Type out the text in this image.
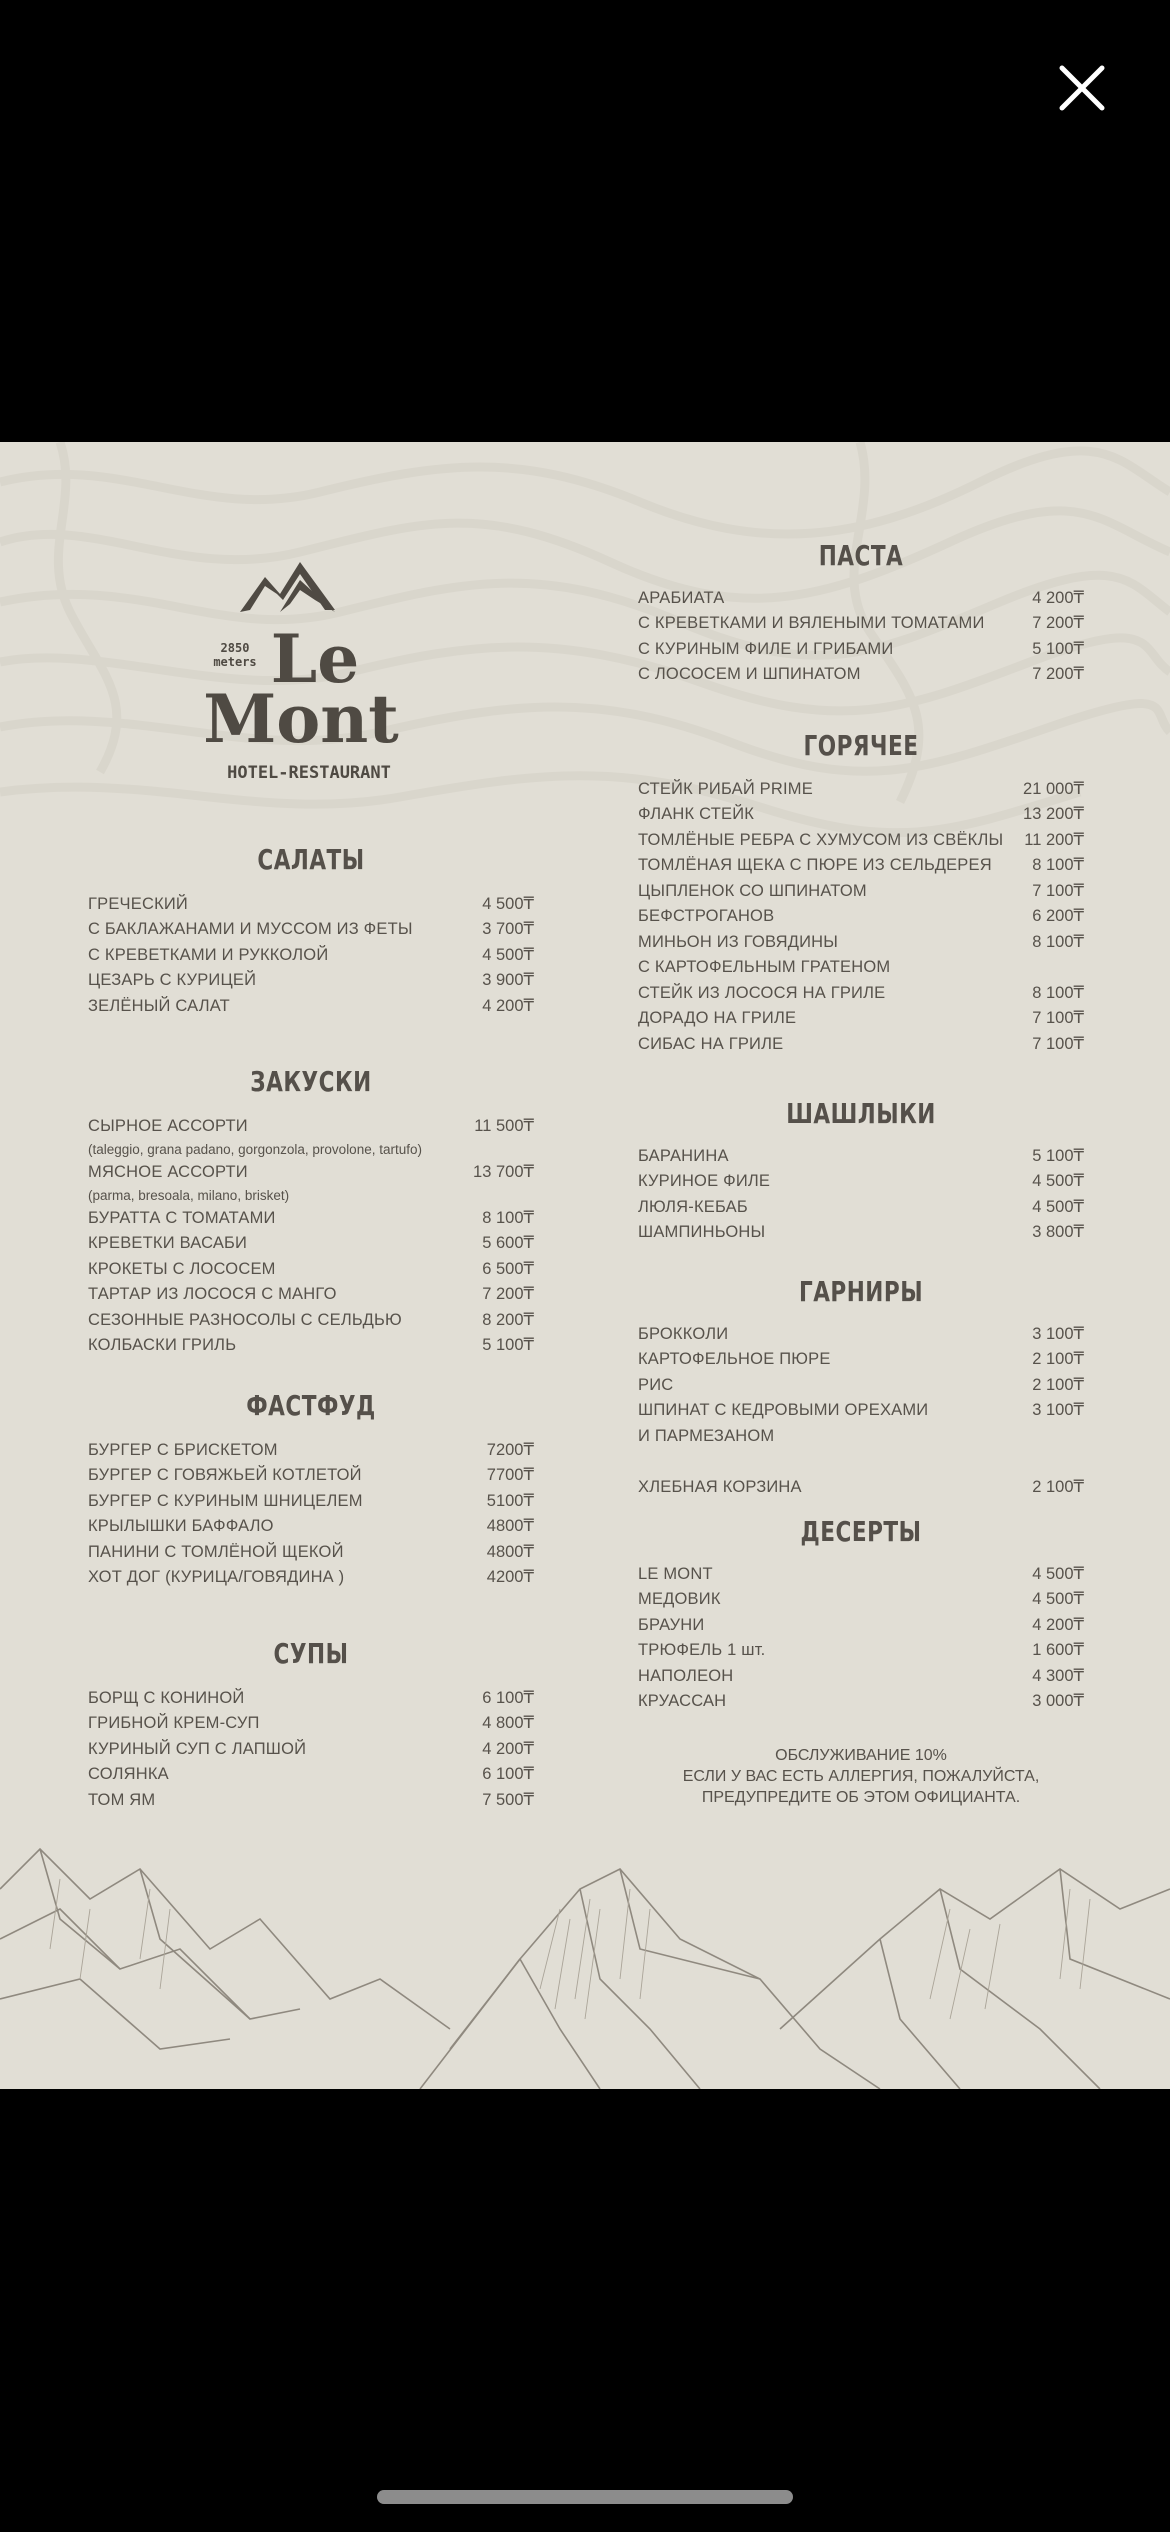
2850
meters Le
Mont
HOTEL-RESTAURANT
САЛАТЫ
ГРЕЧЕСКИЙ	4 500₸
С БАКЛАЖАНАМИ И МУССОМ ИЗ ФЕТЫ	3 700₸
С КРЕВЕТКАМИ И РУККОЛОЙ	4 500₸
ЦЕЗАРЬ С КУРИЦЕЙ	3 900₸
ЗЕЛЁНЫЙ САЛАТ	4 200₸
ЗАКУСКИ
СЫРНОЕ АССОРТИ	11 500₸
(taleggio, grana padano, gorgonzola, provolone, tartufo)
МЯСНОЕ АССОРТИ	13 700₸
(parma, bresoala, milano, brisket)
БУРАТТА С ТОМАТАМИ	8 100₸
КРЕВЕТКИ ВАСАБИ	5 600₸
КРОКЕТЫ С ЛОСОСЕМ	6 500₸
ТАРТАР ИЗ ЛОСОСЯ С МАНГО	7 200₸
СЕЗОННЫЕ РАЗНОСОЛЫ С СЕЛЬДЬЮ	8 200₸
КОЛБАСКИ ГРИЛЬ	5 100₸
ФАСТФУД
БУРГЕР С БРИСКЕТОМ	7200₸
БУРГЕР С ГОВЯЖЬЕЙ КОТЛЕТОЙ	7700₸
БУРГЕР С КУРИНЫМ ШНИЦЕЛЕМ	5100₸
КРЫЛЫШКИ БАФФАЛО	4800₸
ПАНИНИ С ТОМЛЁНОЙ ЩЕКОЙ	4800₸
ХОТ ДОГ (КУРИЦА/ГОВЯДИНА )	4200₸
СУПЫ
БОРЩ С КОНИНОЙ	6 100₸
ГРИБНОЙ КРЕМ-СУП	4 800₸
КУРИНЫЙ СУП С ЛАПШОЙ	4 200₸
СОЛЯНКА	6 100₸
ТОМ ЯМ	7 500₸
ПАСТА
АРАБИАТА	4 200₸
С КРЕВЕТКАМИ И ВЯЛЕНЫМИ ТОМАТАМИ	7 200₸
С КУРИНЫМ ФИЛЕ И ГРИБАМИ	5 100₸
С ЛОСОСЕМ И ШПИНАТОМ	7 200₸
ГОРЯЧЕЕ
СТЕЙК РИБАЙ PRIME	21 000₸
ФЛАНК СТЕЙК	13 200₸
ТОМЛЁНЫЕ РЕБРА С ХУМУСОМ ИЗ СВЁКЛЫ 11 200₸
ТОМЛЁНАЯ ЩЕКА С ПЮРЕ ИЗ СЕЛЬДЕРЕЯ 8 100₸
ЦЫПЛЕНОК СО ШПИНАТОМ	7 100₸
БЕФСТРОГАНОВ	6 200₸
МИНЬОН ИЗ ГОВЯДИНЫ	8 100₸
С КАРТОФЕЛЬНЫМ ГРАТЕНОМ
СТЕЙК ИЗ ЛОСОСЯ НА ГРИЛЕ	8 100₸
ДОРАДО НА ГРИЛЕ	7 100₸
СИБАС НА ГРИЛЕ	7 100₸
ШАШЛЫКИ
БАРАНИНА	5 100₸
КУРИНОЕ ФИЛЕ	4 500₸
ЛЮЛЯ-КЕБАБ	4 500₸
ШАМПИНЬОНЫ	3 800₸
ГАРНИРЫ
БРОККОЛИ	3 100₸
КАРТОФЕЛЬНОЕ ПЮРЕ	2 100₸
РИС	2 100₸
ШПИНАТ С КЕДРОВЫМИ ОРЕХАМИ	3 100₸
И ПАРМЕЗАНОМ
ХЛЕБНАЯ КОРЗИНА	2 100₸
ДЕСЕРТЫ
LE MONT	4 500₸
МЕДОВИК	4 500₸
БРАУНИ	4 200₸
ТРЮФЕЛЬ 1 шт.	1 600₸
НАПОЛЕОН	4 300₸
КРУАССАН	3 000₸
ОБСЛУЖИВАНИЕ 10%
ЕСЛИ У ВАС ЕСТЬ АЛЛЕРГИЯ, ПОЖАЛУЙСТА,
ПРЕДУПРЕДИТЕ ОБ ЭТОМ ОФИЦИАНТА.
